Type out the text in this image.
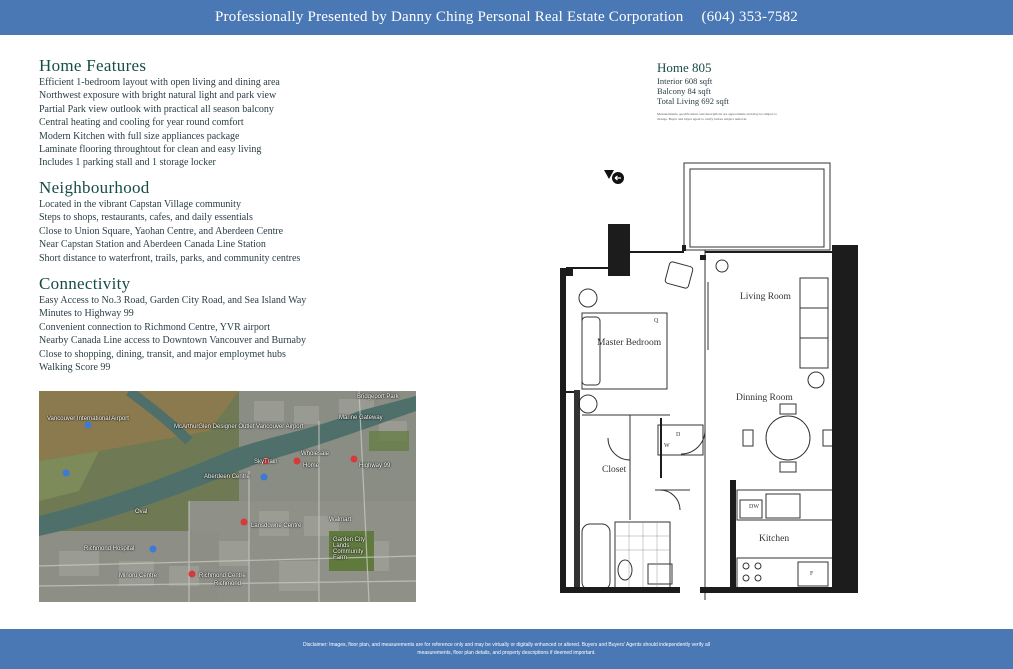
Professionally Presented by Danny Ching Personal Real Estate Corporation (604) 353-7582
Home Features
Efficient 1-bedroom layout with open living and dining area
Northwest exposure with bright natural light and park view
Partial Park view outlook with practical all season balcony
Central heating and cooling for year round comfort
Modern Kitchen with full size appliances package
Laminate flooring throughtout for clean and easy living
Includes 1 parking stall and 1 storage locker
Neighbourhood
Located in the vibrant Capstan Village community
Steps to shops, restaurants, cafes, and daily essentials
Close to Union Square, Yaohan Centre, and Aberdeen Centre
Near Capstan Station and Aberdeen Canada Line Station
Short distance to waterfront, trails, parks, and community centres
Connectivity
Easy Access to No.3 Road, Garden City Road, and Sea Island Way
Minutes to Highway 99
Convenient connection to Richmond Centre, YVR airport
Nearby Canada Line access to Downtown Vancouver and Burnaby
Close to shopping, dining, transit, and major employmet hubs
Walking Score 99
Vancouver International Airport
McArthurGlen Designer Outlet Vancouver Airport
SkyTrain
Aberdeen Centre
Home
Wholesale
Highway 99
Lansdowne Centre
Richmond Hospital
Minoru Centre	Richmond Centre
Richmond
Garden City Lands Community Farm
Walmart
Oval
Bridgeport Park
Marine Gateway
Home 805
Interior 608 sqft
Balcony 84 sqft
Total Living 692 sqft
Measurements, specifications and descriptions are approximate and may be subject to change. Buyer and buyer agent to verify before subject removal.
Living Room
Master Bedroom
Dinning Room
Closet
Kitchen
Q
D
W
DW
F
Disclaimer: Images, floor plan, and measurements are for reference only and may be virtually or digitally enhanced or altered. Buyers and Buyers' Agents should independently verify all measurements, floor plan details, and property descriptions if deemed important.
